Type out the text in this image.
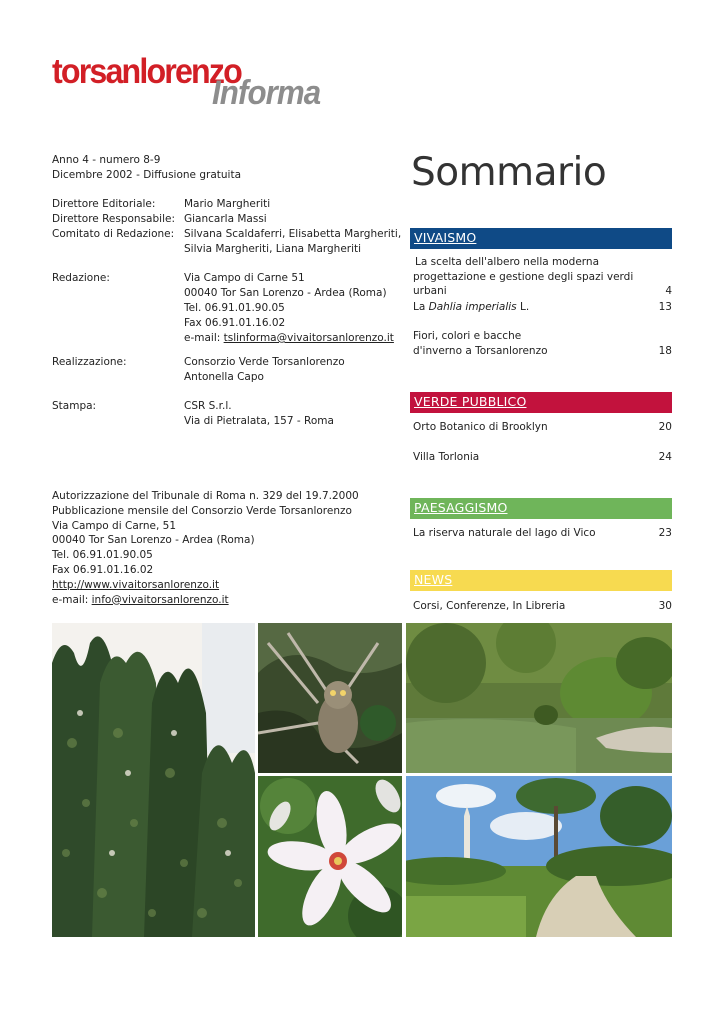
torsanlorenzo
Informa
Anno 4 - numero 8-9
Dicembre 2002 - Diffusione gratuita
Direttore Editoriale:	Mario Margheriti
Direttore Responsabile: Giancarla Massi
Comitato di Redazione: Silvana Scaldaferri, Elisabetta Margheriti,
Silvia Margheriti, Liana Margheriti
Redazione:	Via Campo di Carne 51
00040 Tor San Lorenzo - Ardea (Roma)
Tel. 06.91.01.90.05
Fax 06.91.01.16.02
e-mail: tslinforma@vivaitorsanlorenzo.it
Realizzazione:	Consorzio Verde Torsanlorenzo
Antonella Capo
Stampa:	CSR S.r.l.
Via di Pietralata, 157 - Roma
Autorizzazione del Tribunale di Roma n. 329 del 19.7.2000
Pubblicazione mensile del Consorzio Verde Torsanlorenzo
Via Campo di Carne, 51
00040 Tor San Lorenzo - Ardea (Roma)
Tel. 06.91.01.90.05
Fax 06.91.01.16.02
http://www.vivaitorsanlorenzo.it
e-mail: info@vivaitorsanlorenzo.it
Sommario
VIVAISMO
La scelta dell'albero nella moderna progettazione e gestione degli spazi verdi urbani	4
La Dahlia imperialis L.	13
Fiori, colori e bacche d'inverno a Torsanlorenzo	18
VERDE PUBBLICO
Orto Botanico di Brooklyn	20
Villa Torlonia	24
PAESAGGISMO
La riserva naturale del lago di Vico	23
NEWS
Corsi, Conferenze, In Libreria	30
